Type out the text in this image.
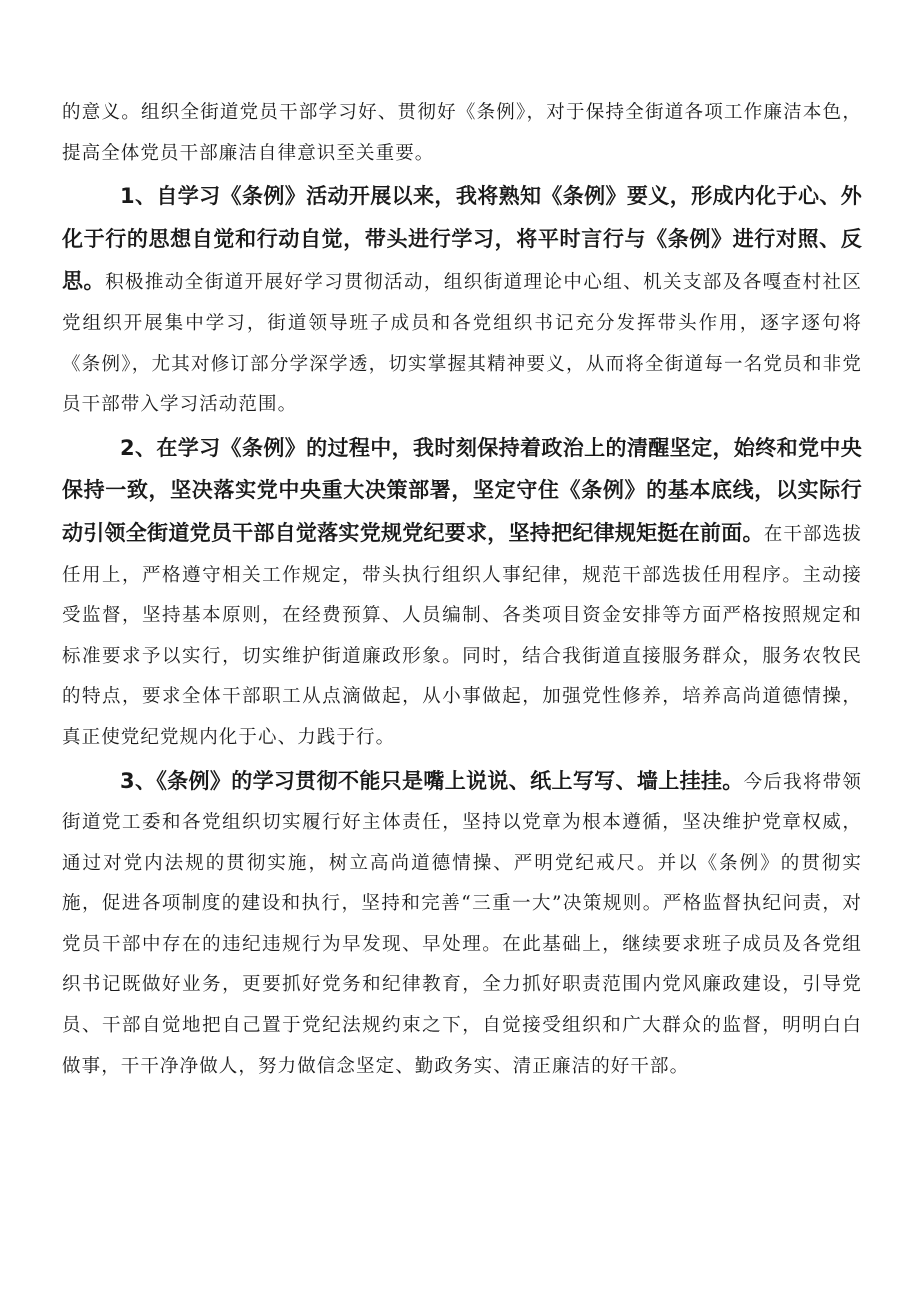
的意义。组织全街道党员干部学习好、贯彻好《条例》，对于保持全街道各项工作廉洁本色，提高全体党员干部廉洁自律意识至关重要。

1、自学习《条例》活动开展以来，我将熟知《条例》要义，形成内化于心、外化于行的思想自觉和行动自觉，带头进行学习，将平时言行与《条例》进行对照、反思。积极推动全街道开展好学习贯彻活动，组织街道理论中心组、机关支部及各嘎查村社区党组织开展集中学习，街道领导班子成员和各党组织书记充分发挥带头作用，逐字逐句将《条例》，尤其对修订部分学深学透，切实掌握其精神要义，从而将全街道每一名党员和非党员干部带入学习活动范围。

2、在学习《条例》的过程中，我时刻保持着政治上的清醒坚定，始终和党中央保持一致，坚决落实党中央重大决策部署，坚定守住《条例》的基本底线，以实际行动引领全街道党员干部自觉落实党规党纪要求，坚持把纪律规矩挺在前面。在干部选拔任用上，严格遵守相关工作规定，带头执行组织人事纪律，规范干部选拔任用程序。主动接受监督，坚持基本原则，在经费预算、人员编制、各类项目资金安排等方面严格按照规定和标准要求予以实行，切实维护街道廉政形象。同时，结合我街道直接服务群众，服务农牧民的特点，要求全体干部职工从点滴做起，从小事做起，加强党性修养，培养高尚道德情操，真正使党纪党规内化于心、力践于行。

3、《条例》的学习贯彻不能只是嘴上说说、纸上写写、墙上挂挂。今后我将带领街道党工委和各党组织切实履行好主体责任，坚持以党章为根本遵循，坚决维护党章权威，通过对党内法规的贯彻实施，树立高尚道德情操、严明党纪戒尺。并以《条例》的贯彻实施，促进各项制度的建设和执行，坚持和完善“三重一大”决策规则。严格监督执纪问责，对党员干部中存在的违纪违规行为早发现、早处理。在此基础上，继续要求班子成员及各党组织书记既做好业务，更要抓好党务和纪律教育，全力抓好职责范围内党风廉政建设，引导党员、干部自觉地把自己置于党纪法规约束之下，自觉接受组织和广大群众的监督，明明白白做事，干干净净做人，努力做信念坚定、勤政务实、清正廉洁的好干部。
